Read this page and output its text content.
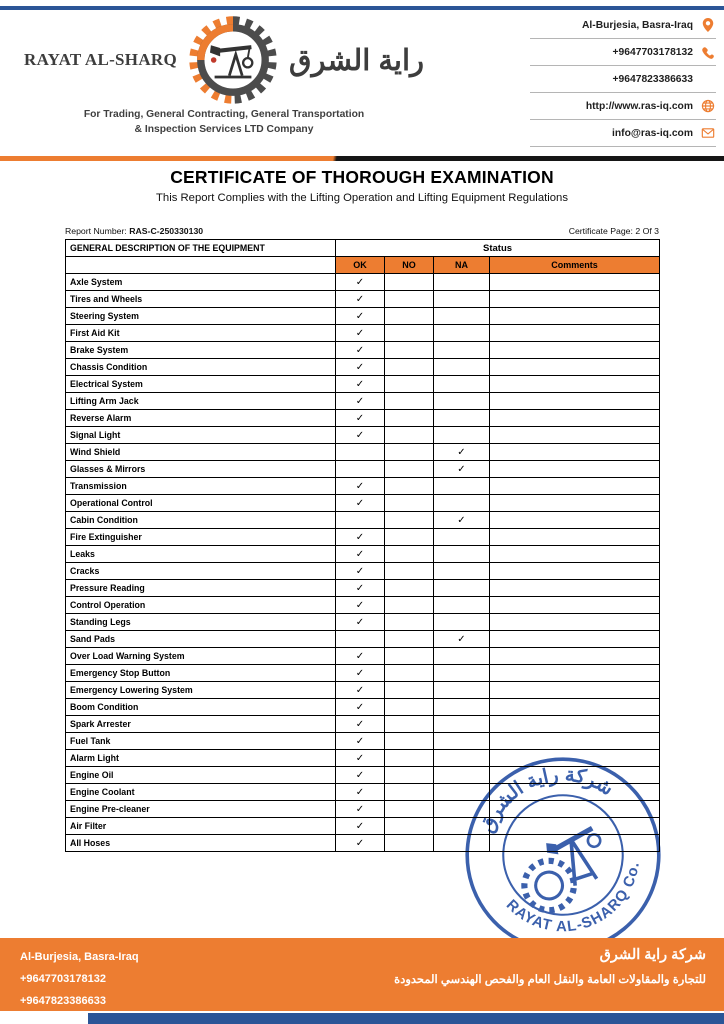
RAYAT AL-SHARQ	راية الشرق
For Trading, General Contracting, General Transportation
& Inspection Services LTD Company
Al-Burjesia, Basra-Iraq
+9647703178132
+9647823386633
http://www.ras-iq.com
info@ras-iq.com
CERTIFICATE OF THOROUGH EXAMINATION
This Report Complies with the Lifting Operation and Lifting Equipment Regulations
Report Number: RAS-C-250330130	Certificate Page: 2 Of 3
GENERAL DESCRIPTION OF THE EQUIPMENT	Status			
	OK	NO	NA	Comments
Axle System	✓			
Tires and Wheels	✓			
Steering System	✓			
First Aid Kit	✓			
Brake System	✓			
Chassis Condition	✓			
Electrical System	✓			
Lifting Arm Jack	✓			
Reverse Alarm	✓			
Signal Light	✓			
Wind Shield			✓	
Glasses & Mirrors			✓	
Transmission	✓			
Operational Control	✓			
Cabin Condition			✓	
Fire Extinguisher	✓			
Leaks	✓			
Cracks	✓			
Pressure Reading	✓			
Control Operation	✓			
Standing Legs	✓			
Sand Pads			✓	
Over Load Warning System	✓			
Emergency Stop Button	✓			
Emergency Lowering System	✓			
Boom Condition	✓			
Spark Arrester	✓			
Fuel Tank	✓			
Alarm Light	✓			
Engine Oil	✓			
Engine Coolant	✓			
Engine Pre-cleaner	✓			
Air Filter	✓			
All Hoses	✓			
شركة راية الشرق
RAYAT AL-SHARQ Co.
Al-Burjesia, Basra-Iraq
+9647703178132
+9647823386633
شركة راية الشرق
للتجارة والمقاولات العامة والنقل العام والفحص الهندسي المحدودة
